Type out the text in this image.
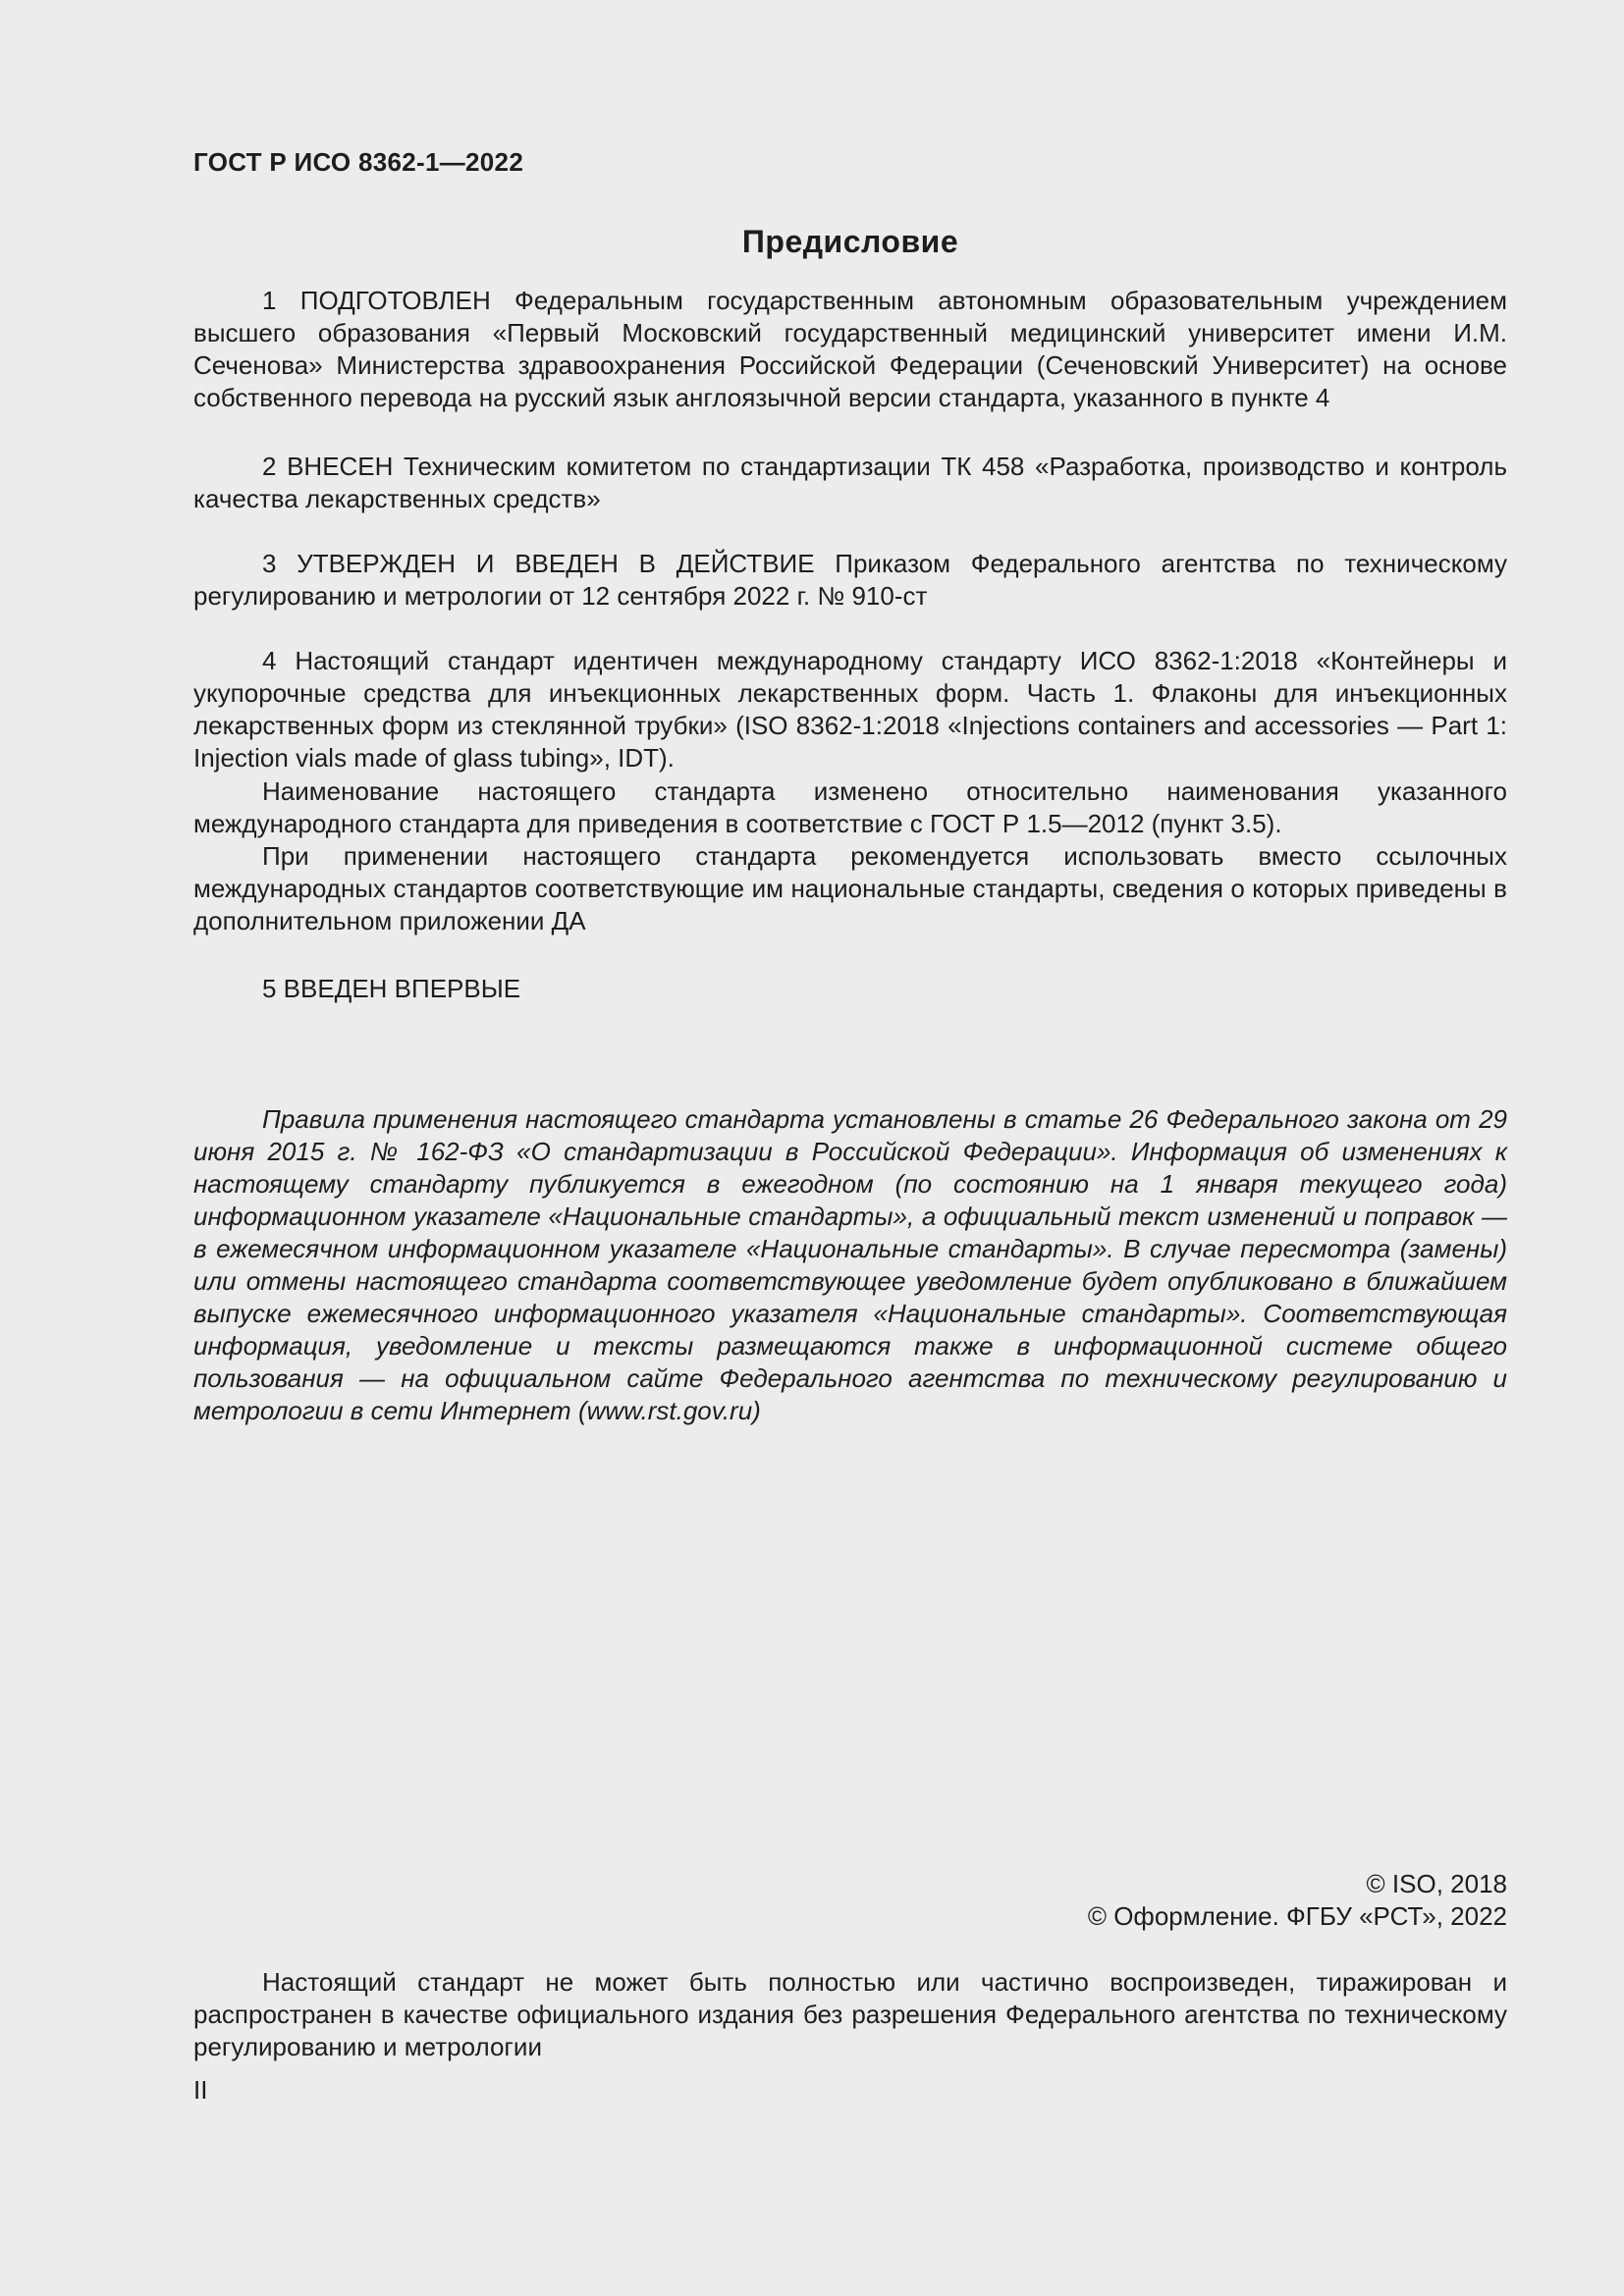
ГОСТ Р ИСО 8362-1—2022
Предисловие

1 ПОДГОТОВЛЕН Федеральным государственным автономным образовательным учреждением высшего образования «Первый Московский государственный медицинский университет имени И.М. Сеченова» Министерства здравоохранения Российской Федерации (Сеченовский Университет) на основе собственного перевода на русский язык англоязычной версии стандарта, указанного в пункте 4

2 ВНЕСЕН Техническим комитетом по стандартизации ТК 458 «Разработка, производство и контроль качества лекарственных средств»

3 УТВЕРЖДЕН И ВВЕДЕН В ДЕЙСТВИЕ Приказом Федерального агентства по техническому регулированию и метрологии от 12 сентября 2022 г. № 910-ст

4 Настоящий стандарт идентичен международному стандарту ИСО 8362-1:2018 «Контейнеры и укупорочные средства для инъекционных лекарственных форм. Часть 1. Флаконы для инъекционных лекарственных форм из стеклянной трубки» (ISO 8362-1:2018 «Injections containers and accessories — Part 1: Injection vials made of glass tubing», IDT).

Наименование настоящего стандарта изменено относительно наименования указанного международного стандарта для приведения в соответствие с ГОСТ Р 1.5—2012 (пункт 3.5).

При применении настоящего стандарта рекомендуется использовать вместо ссылочных международных стандартов соответствующие им национальные стандарты, сведения о которых приведены в дополнительном приложении ДА

5 ВВЕДЕН ВПЕРВЫЕ

Правила применения настоящего стандарта установлены в статье 26 Федерального закона от 29 июня 2015 г. № 162-ФЗ «О стандартизации в Российской Федерации». Информация об изменениях к настоящему стандарту публикуется в ежегодном (по состоянию на 1 января текущего года) информационном указателе «Национальные стандарты», а официальный текст изменений и поправок — в ежемесячном информационном указателе «Национальные стандарты». В случае пересмотра (замены) или отмены настоящего стандарта соответствующее уведомление будет опубликовано в ближайшем выпуске ежемесячного информационного указателя «Национальные стандарты». Соответствующая информация, уведомление и тексты размещаются также в информационной системе общего пользования — на официальном сайте Федерального агентства по техническому регулированию и метрологии в сети Интернет (www.rst.gov.ru)

© ISO, 2018
© Оформление. ФГБУ «РСТ», 2022

Настоящий стандарт не может быть полностью или частично воспроизведен, тиражирован и распространен в качестве официального издания без разрешения Федерального агентства по техническому регулированию и метрологии

II
